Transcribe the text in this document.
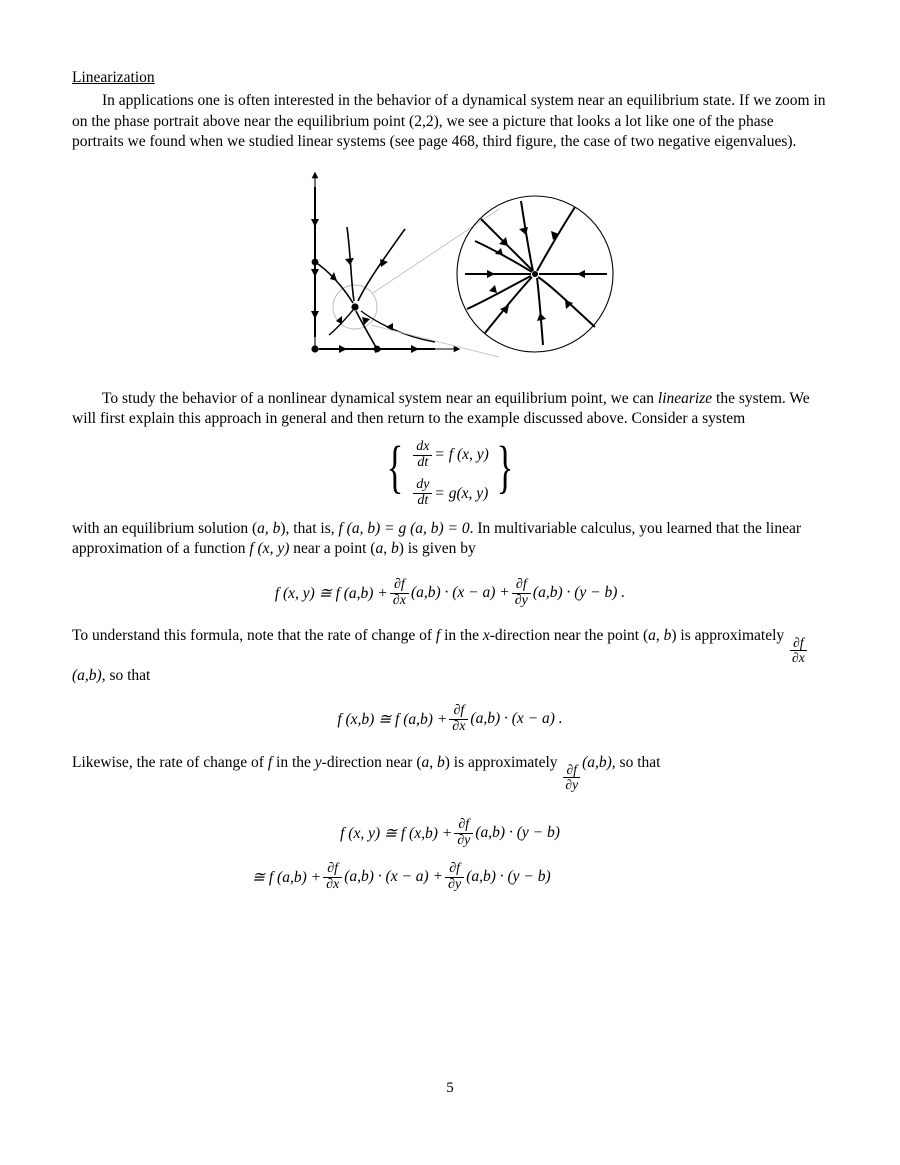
Linearization

In applications one is often interested in the behavior of a dynamical system near an equilibrium state. If we zoom in on the phase portrait above near the equilibrium point (2,2), we see a picture that looks a lot like one of the phase portraits we found when we studied linear systems (see page 468, third figure, the case of two negative eigenvalues).

To study the behavior of a nonlinear dynamical system near an equilibrium point, we can linearize the system. We will first explain this approach in general and then return to the example discussed above. Consider a system

{ $\frac{dx}{dt} = f$ (x, y)
$\frac{dy}{dt} = g(x$, y) }

with an equilibrium solution (a, b), that is, f (a, b) = g (a, b) = 0. In multivariable calculus, you learned that the linear approximation of a function f (x, y) near a point (a, b) is given by

f (x, y) ≅ f $(a,b) + \frac{\partial f}{\partial x} (a,b) \cdot (x - a) + \frac{\partial f}{\partial y} (a,b) \cdot (y - b)$ .

To understand this formula, note that the rate of change of f in the x-direction near the point (a, b) is approximately
$\frac{\partial f}{\partial x}$
(a,b), so that

f (x,b) ≅ f $(a,b) + \frac{\partial f}{\partial x} (a,b) \cdot (x - a)$ .

Likewise, the rate of change of f in the y-direction near (a, b) is approximately
$\frac{\partial f}{\partial y}$
(a,b), so that

f (x, y) ≅ f $(x,b) + \frac{\partial f}{\partial y} (a,b) \cdot (y - b)$
≅ f $(a,b) + \frac{\partial f}{\partial x} (a,b) \cdot (x - a) + \frac{\partial f}{\partial y} (a,b) \cdot (y - b)$
5
